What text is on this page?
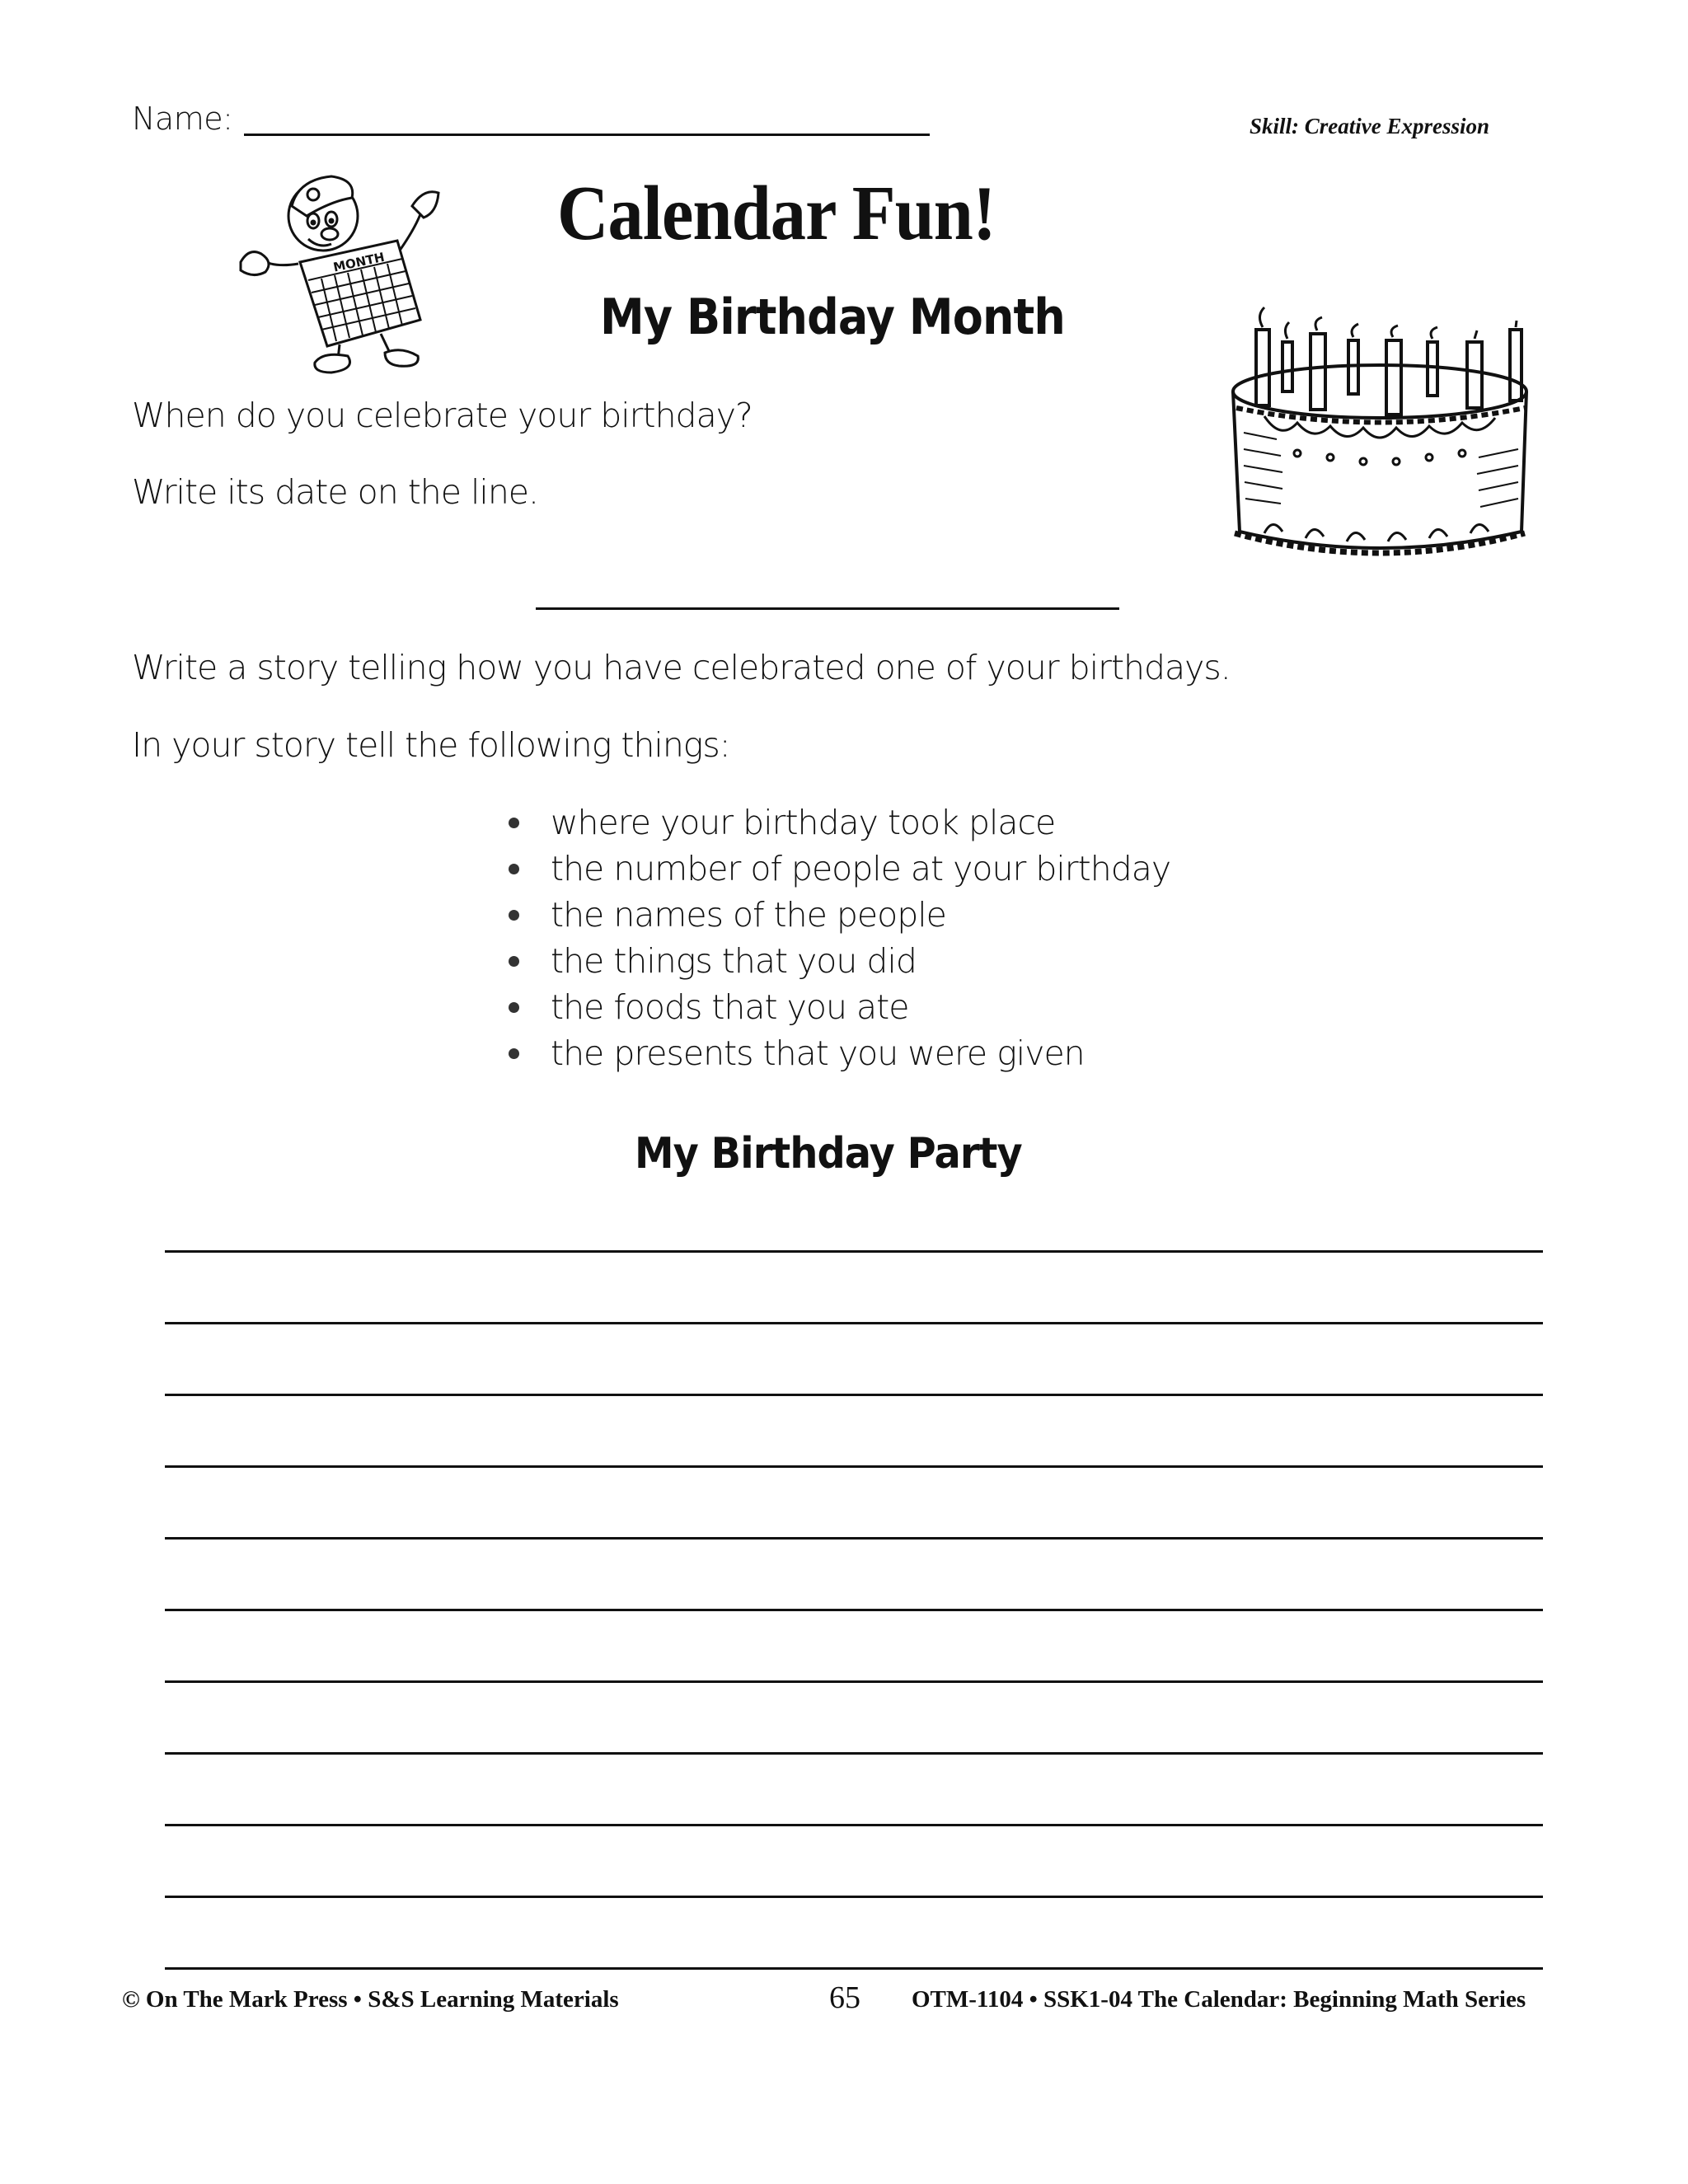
Name:	Skill: Creative Expression
MONTH
Calendar Fun!
My Birthday Month
When do you celebrate your birthday?
Write its date on the line.
Write a story telling how you have celebrated one of your birthdays.
In your story tell the following things:
where your birthday took place
the number of people at your birthday
the names of the people
the things that you did
the foods that you ate
the presents that you were given
My Birthday Party
© On The Mark Press • S&S Learning Materials	65 OTM-1104 • SSK1-04 The Calendar: Beginning Math Series
